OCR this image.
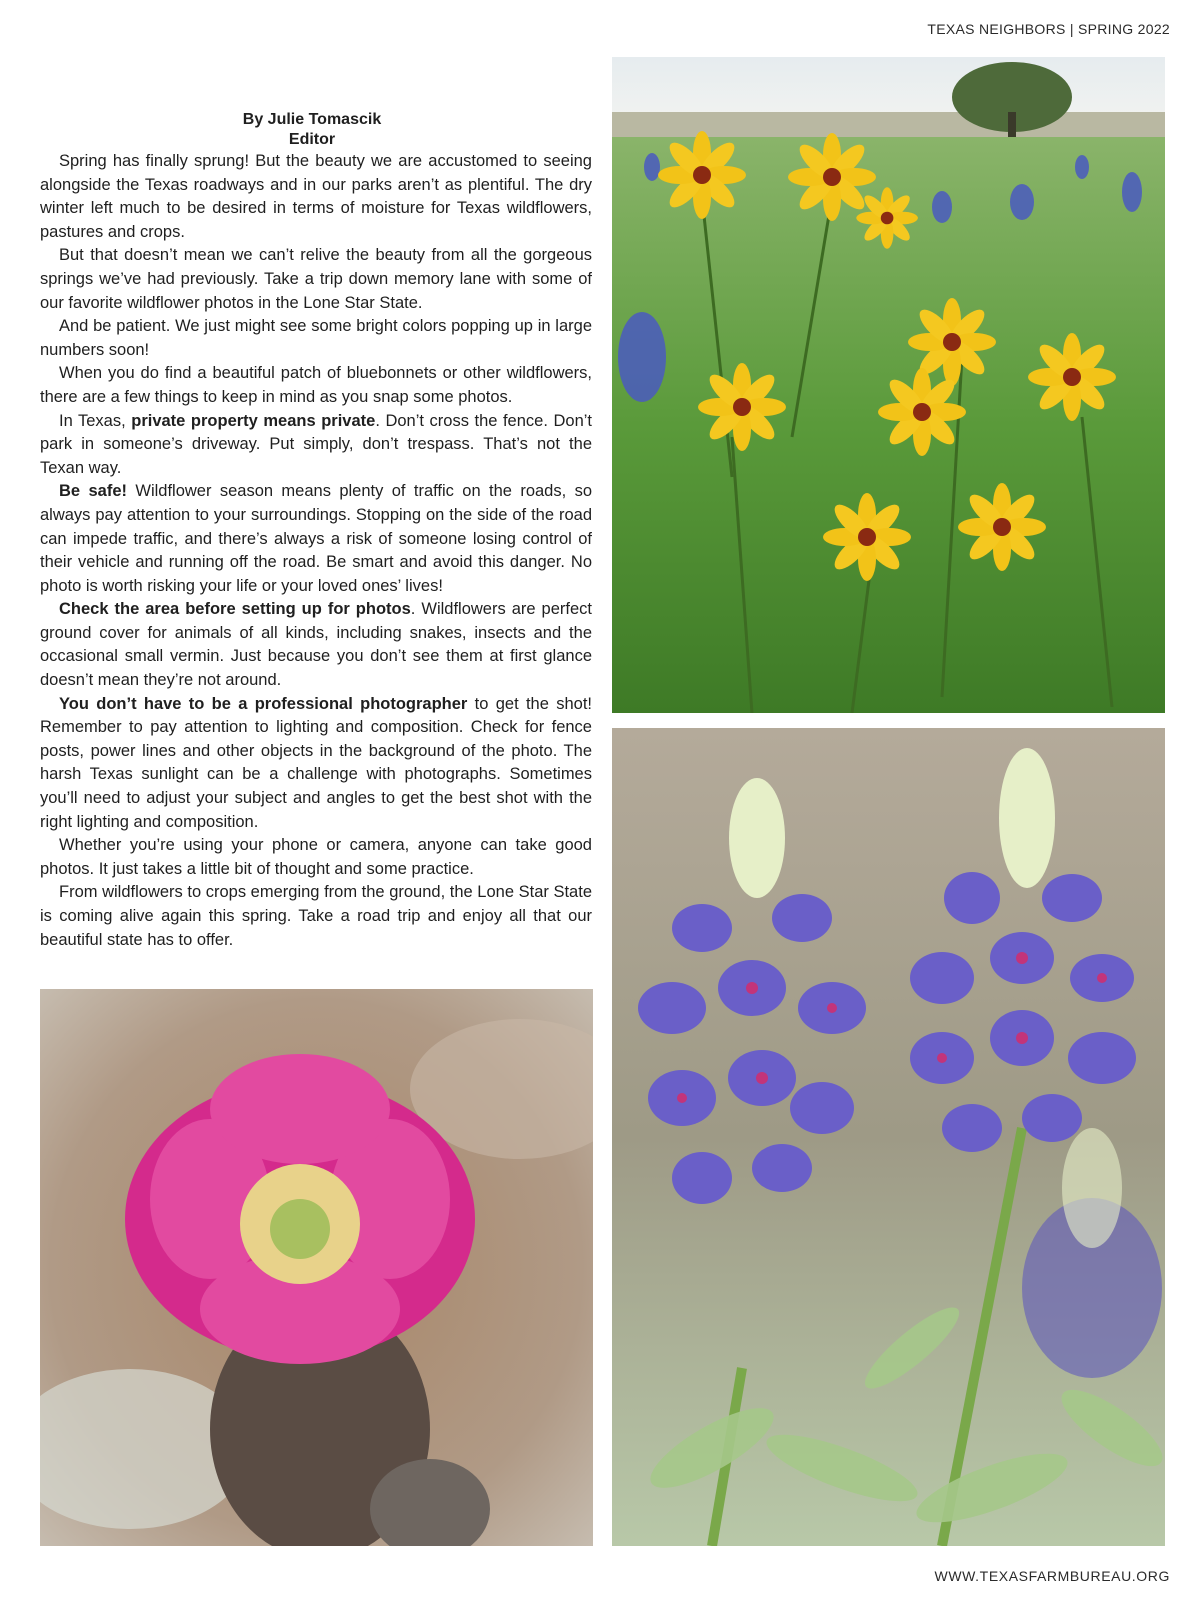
TEXAS NEIGHBORS | SPRING 2022
By Julie Tomascik
Editor

Spring has finally sprung! But the beauty we are accustomed to seeing alongside the Texas roadways and in our parks aren’t as plentiful. The dry winter left much to be desired in terms of moisture for Texas wildflowers, pastures and crops.

But that doesn’t mean we can’t relive the beauty from all the gorgeous springs we’ve had previously. Take a trip down memory lane with some of our favorite wildflower photos in the Lone Star State.

And be patient. We just might see some bright colors popping up in large numbers soon!

When you do find a beautiful patch of bluebonnets or other wildflowers, there are a few things to keep in mind as you snap some photos.

In Texas, private property means private. Don’t cross the fence. Don’t park in someone’s driveway. Put simply, don’t trespass. That’s not the Texan way.

Be safe! Wildflower season means plenty of traffic on the roads, so always pay attention to your surroundings. Stopping on the side of the road can impede traffic, and there’s always a risk of someone losing control of their vehicle and running off the road. Be smart and avoid this danger. No photo is worth risking your life or your loved ones’ lives!

Check the area before setting up for photos. Wildflowers are perfect ground cover for animals of all kinds, including snakes, insects and the occasional small vermin. Just because you don’t see them at first glance doesn’t mean they’re not around.

You don’t have to be a professional photographer to get the shot! Remember to pay attention to lighting and composition. Check for fence posts, power lines and other objects in the background of the photo. The harsh Texas sunlight can be a challenge with photographs. Sometimes you’ll need to adjust your subject and angles to get the best shot with the right lighting and composition.

Whether you’re using your phone or camera, anyone can take good photos. It just takes a little bit of thought and some practice.

From wildflowers to crops emerging from the ground, the Lone Star State is coming alive again this spring. Take a road trip and enjoy all that our beautiful state has to offer.

WWW.TEXASFARMBUREAU.ORG
